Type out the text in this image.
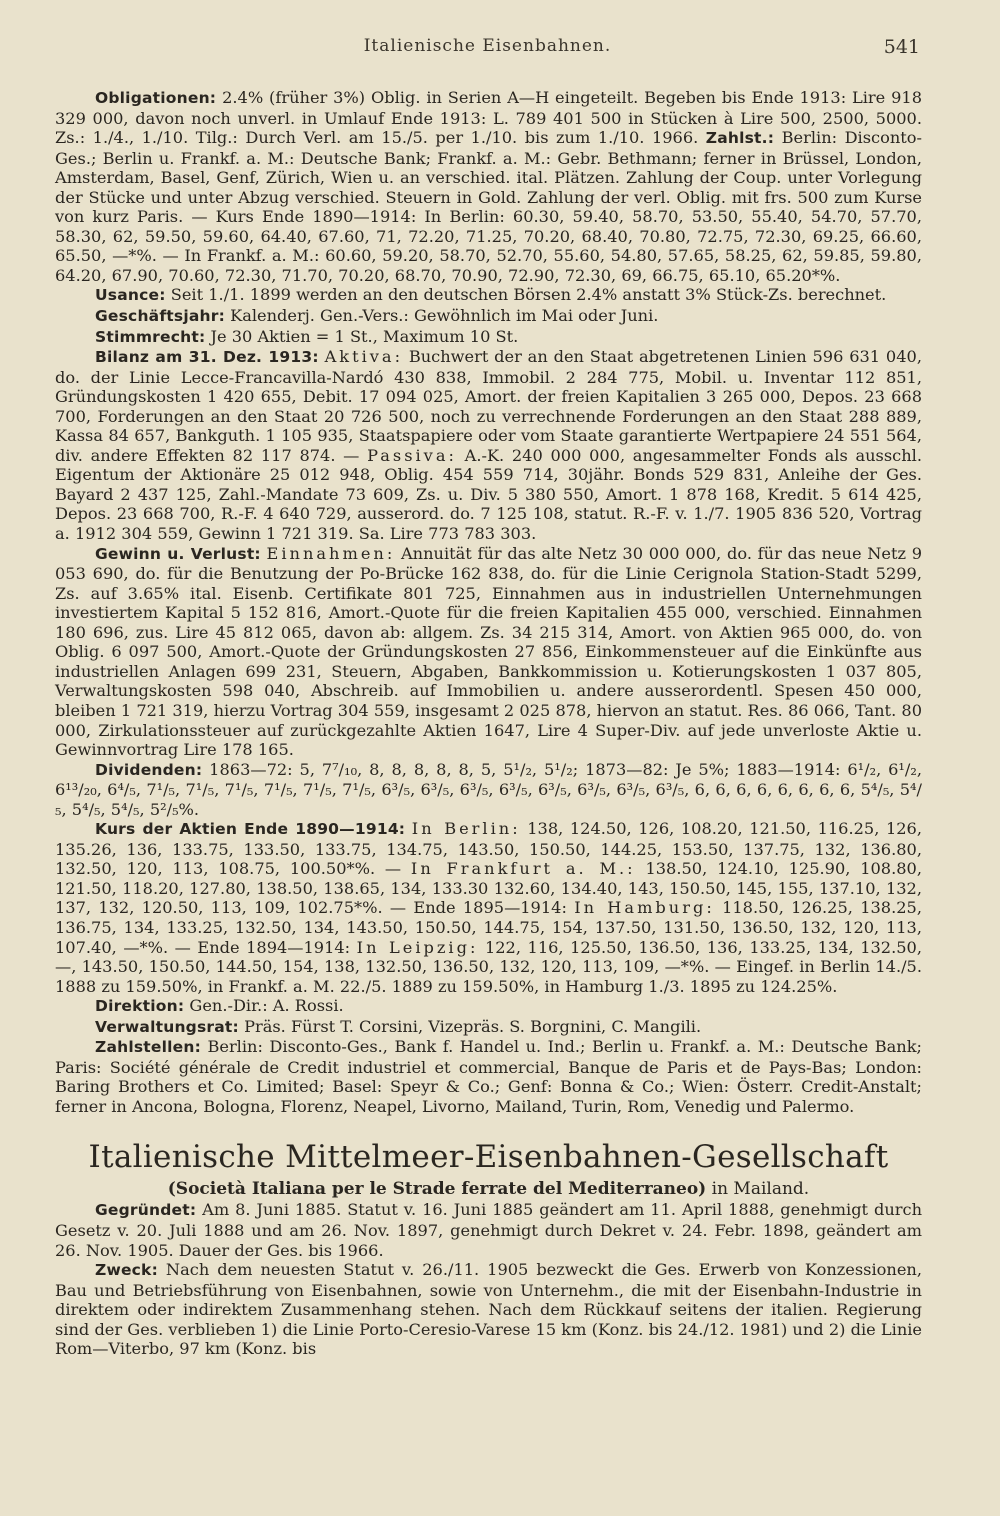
Italienische Eisenbahnen.	541

Obligationen: 2.4% (früher 3%) Oblig. in Serien A—H eingeteilt. Begeben bis Ende 1913: Lire 918 329 000, davon noch unverl. in Umlauf Ende 1913: L. 789 401 500 in Stücken à Lire 500, 2500, 5000. Zs.: 1./4., 1./10. Tilg.: Durch Verl. am 15./5. per 1./10. bis zum 1./10. 1966. Zahlst.: Berlin: Disconto-Ges.; Berlin u. Frankf. a. M.: Deutsche Bank; Frankf. a. M.: Gebr. Bethmann; ferner in Brüssel, London, Amsterdam, Basel, Genf, Zürich, Wien u. an verschied. ital. Plätzen. Zahlung der Coup. unter Vorlegung der Stücke und unter Abzug verschied. Steuern in Gold. Zahlung der verl. Oblig. mit frs. 500 zum Kurse von kurz Paris. — Kurs Ende 1890—1914: In Berlin: 60.30, 59.40, 58.70, 53.50, 55.40, 54.70, 57.70, 58.30, 62, 59.50, 59.60, 64.40, 67.60, 71, 72.20, 71.25, 70.20, 68.40, 70.80, 72.75, 72.30, 69.25, 66.60, 65.50, —*%. — In Frankf. a. M.: 60.60, 59.20, 58.70, 52.70, 55.60, 54.80, 57.65, 58.25, 62, 59.85, 59.80, 64.20, 67.90, 70.60, 72.30, 71.70, 70.20, 68.70, 70.90, 72.90, 72.30, 69, 66.75, 65.10, 65.20*%.

Usance: Seit 1./1. 1899 werden an den deutschen Börsen 2.4% anstatt 3% Stück-Zs. berechnet.

Geschäftsjahr: Kalenderj. Gen.-Vers.: Gewöhnlich im Mai oder Juni.

Stimmrecht: Je 30 Aktien = 1 St., Maximum 10 St.

Bilanz am 31. Dez. 1913: Aktiva: Buchwert der an den Staat abgetretenen Linien 596 631 040, do. der Linie Lecce-Francavilla-Nardó 430 838, Immobil. 2 284 775, Mobil. u. Inventar 112 851, Gründungskosten 1 420 655, Debit. 17 094 025, Amort. der freien Kapitalien 3 265 000, Depos. 23 668 700, Forderungen an den Staat 20 726 500, noch zu verrechnende Forderungen an den Staat 288 889, Kassa 84 657, Bankguth. 1 105 935, Staatspapiere oder vom Staate garantierte Wertpapiere 24 551 564, div. andere Effekten 82 117 874. — Passiva: A.-K. 240 000 000, angesammelter Fonds als ausschl. Eigentum der Aktionäre 25 012 948, Oblig. 454 559 714, 30jähr. Bonds 529 831, Anleihe der Ges. Bayard 2 437 125, Zahl.-Mandate 73 609, Zs. u. Div. 5 380 550, Amort. 1 878 168, Kredit. 5 614 425, Depos. 23 668 700, R.-F. 4 640 729, ausserord. do. 7 125 108, statut. R.-F. v. 1./7. 1905 836 520, Vortrag a. 1912 304 559, Gewinn 1 721 319. Sa. Lire 773 783 303.

Gewinn u. Verlust: Einnahmen: Annuität für das alte Netz 30 000 000, do. für das neue Netz 9 053 690, do. für die Benutzung der Po-Brücke 162 838, do. für die Linie Cerignola Station-Stadt 5299, Zs. auf 3.65% ital. Eisenb. Certifikate 801 725, Einnahmen aus in industriellen Unternehmungen investiertem Kapital 5 152 816, Amort.-Quote für die freien Kapitalien 455 000, verschied. Einnahmen 180 696, zus. Lire 45 812 065, davon ab: allgem. Zs. 34 215 314, Amort. von Aktien 965 000, do. von Oblig. 6 097 500, Amort.-Quote der Gründungskosten 27 856, Einkommensteuer auf die Einkünfte aus industriellen Anlagen 699 231, Steuern, Abgaben, Bankkommission u. Kotierungskosten 1 037 805, Verwaltungskosten 598 040, Abschreib. auf Immobilien u. andere ausserordentl. Spesen 450 000, bleiben 1 721 319, hierzu Vortrag 304 559, insgesamt 2 025 878, hiervon an statut. Res. 86 066, Tant. 80 000, Zirkulationssteuer auf zurückgezahlte Aktien 1647, Lire 4 Super-Div. auf jede unverloste Aktie u. Gewinnvortrag Lire 178 165.

Dividenden: 1863—72: 5, 7⁷/₁₀, 8, 8, 8, 8, 8, 5, 5¹/₂, 5¹/₂; 1873—82: Je 5%; 1883—1914: 6¹/₂, 6¹/₂, 6¹³/₂₀, 6⁴/₅, 7¹/₅, 7¹/₅, 7¹/₅, 7¹/₅, 7¹/₅, 7¹/₅, 6³/₅, 6³/₅, 6³/₅, 6³/₅, 6³/₅, 6³/₅, 6³/₅, 6³/₅, 6, 6, 6, 6, 6, 6, 6, 6, 5⁴/₅, 5⁴/₅, 5⁴/₅, 5⁴/₅, 5²/₅%.

Kurs der Aktien Ende 1890—1914: In Berlin: 138, 124.50, 126, 108.20, 121.50, 116.25, 126, 135.26, 136, 133.75, 133.50, 133.75, 134.75, 143.50, 150.50, 144.25, 153.50, 137.75, 132, 136.80, 132.50, 120, 113, 108.75, 100.50*%. — In Frankfurt a. M.: 138.50, 124.10, 125.90, 108.80, 121.50, 118.20, 127.80, 138.50, 138.65, 134, 133.30 132.60, 134.40, 143, 150.50, 145, 155, 137.10, 132, 137, 132, 120.50, 113, 109, 102.75*%. — Ende 1895—1914: In Hamburg: 118.50, 126.25, 138.25, 136.75, 134, 133.25, 132.50, 134, 143.50, 150.50, 144.75, 154, 137.50, 131.50, 136.50, 132, 120, 113, 107.40, —*%. — Ende 1894—1914: In Leipzig: 122, 116, 125.50, 136.50, 136, 133.25, 134, 132.50, —, 143.50, 150.50, 144.50, 154, 138, 132.50, 136.50, 132, 120, 113, 109, —*%. — Eingef. in Berlin 14./5. 1888 zu 159.50%, in Frankf. a. M. 22./5. 1889 zu 159.50%, in Hamburg 1./3. 1895 zu 124.25%.

Direktion: Gen.-Dir.: A. Rossi.

Verwaltungsrat: Präs. Fürst T. Corsini, Vizepräs. S. Borgnini, C. Mangili.

Zahlstellen: Berlin: Disconto-Ges., Bank f. Handel u. Ind.; Berlin u. Frankf. a. M.: Deutsche Bank; Paris: Société générale de Credit industriel et commercial, Banque de Paris et de Pays-Bas; London: Baring Brothers et Co. Limited; Basel: Speyr & Co.; Genf: Bonna & Co.; Wien: Österr. Credit-Anstalt; ferner in Ancona, Bologna, Florenz, Neapel, Livorno, Mailand, Turin, Rom, Venedig und Palermo.

Italienische Mittelmeer-Eisenbahnen-Gesellschaft

(Società Italiana per le Strade ferrate del Mediterraneo) in Mailand.

Gegründet: Am 8. Juni 1885. Statut v. 16. Juni 1885 geändert am 11. April 1888, genehmigt durch Gesetz v. 20. Juli 1888 und am 26. Nov. 1897, genehmigt durch Dekret v. 24. Febr. 1898, geändert am 26. Nov. 1905. Dauer der Ges. bis 1966.

Zweck: Nach dem neuesten Statut v. 26./11. 1905 bezweckt die Ges. Erwerb von Konzessionen, Bau und Betriebsführung von Eisenbahnen, sowie von Unternehm., die mit der Eisenbahn-Industrie in direktem oder indirektem Zusammenhang stehen. Nach dem Rückkauf seitens der italien. Regierung sind der Ges. verblieben 1) die Linie Porto-Ceresio-Varese 15 km (Konz. bis 24./12. 1981) und 2) die Linie Rom—Viterbo, 97 km (Konz. bis
